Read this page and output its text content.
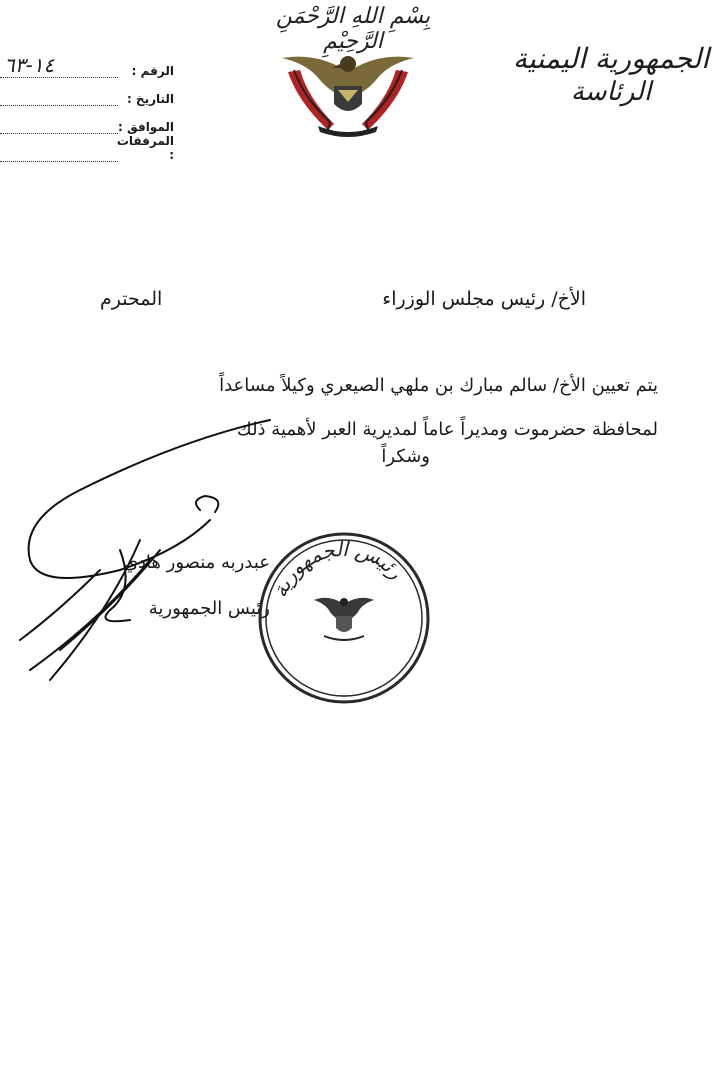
بِسْمِ اللهِ الرَّحْمَنِ الرَّحِيْمِ
الجمهورية اليمنية
الرئاسة
الرقم :
١٤-٦٣
التاريخ :
الموافق :
المرفقات :
الأخ/ رئيس مجلس الوزراء
المحترم
يتم تعيين الأخ/ سالم مبارك بن ملهي الصيعري وكيلاً مساعداً
لمحافظة حضرموت ومديراً عاماً لمديرية العبر لأهمية ذلك
وشكراً
عبدربه منصور هادي
رئيس الجمهورية
رئيس الجمهورية
